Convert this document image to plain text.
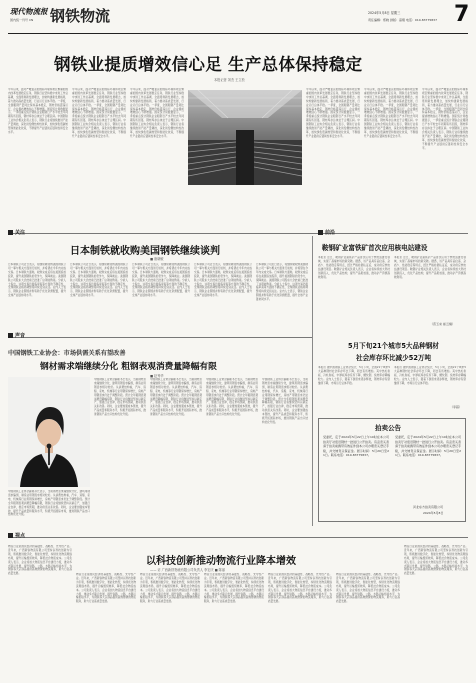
现代物流报
国内统一刊号 CN 钢铁物流	2024年5月8日 星期三
责任编辑：郑晓 排版：高翔 电话：010-83775837 7
钢铁业提质增效信心足 生产总体保持稳定
本报记者 刘杰 王立松
今年以来，面对严峻复杂的国际环境和艰巨繁重的国内改革发展稳定任务，钢铁行业坚持稳中求进工作总基调，全面贯彻新发展理念，加快构建新发展格局，着力推动高质量发展，行业运行总体平稳。一季度，全国粗钢产量同比保持基本稳定，钢材价格震荡运行，企业提质增效信心不断增强。国家统计局数据显示，一季度重点统计钢铁企业粗钢日产水平较去年同期有所回落，钢材库存总体处于合理区间。中国钢铁工业协会相关负责人表示，钢铁行业将继续推进产能产量调控，深化供给侧结构性改革，加快绿色低碳转型和智能化改造，不断提升产业链供应链韧性和安全水平。
今年以来，面对严峻复杂的国际环境和艰巨繁重的国内改革发展稳定任务，钢铁行业坚持稳中求进工作总基调，全面贯彻新发展理念，加快构建新发展格局，着力推动高质量发展，行业运行总体平稳。一季度，全国粗钢产量同比保持基本稳定，钢材价格震荡运行，企业提质增效信心不断增强。国家统计局数据显示，一季度重点统计钢铁企业粗钢日产水平较去年同期有所回落，钢材库存总体处于合理区间。中国钢铁工业协会相关负责人表示，钢铁行业将继续推进产能产量调控，深化供给侧结构性改革，加快绿色低碳转型和智能化改造，不断提升产业链供应链韧性和安全水平。
今年以来，面对严峻复杂的国际环境和艰巨繁重的国内改革发展稳定任务，钢铁行业坚持稳中求进工作总基调，全面贯彻新发展理念，加快构建新发展格局，着力推动高质量发展，行业运行总体平稳。一季度，全国粗钢产量同比保持基本稳定，钢材价格震荡运行，企业提质增效信心不断增强。国家统计局数据显示，一季度重点统计钢铁企业粗钢日产水平较去年同期有所回落，钢材库存总体处于合理区间。中国钢铁工业协会相关负责人表示，钢铁行业将继续推进产能产量调控，深化供给侧结构性改革，加快绿色低碳转型和智能化改造，不断提升产业链供应链韧性和安全水平。
今年以来，面对严峻复杂的国际环境和艰巨繁重的国内改革发展稳定任务，钢铁行业坚持稳中求进工作总基调，全面贯彻新发展理念，加快构建新发展格局，着力推动高质量发展，行业运行总体平稳。一季度，全国粗钢产量同比保持基本稳定，钢材价格震荡运行，企业提质增效信心不断增强。国家统计局数据显示，一季度重点统计钢铁企业粗钢日产水平较去年同期有所回落，钢材库存总体处于合理区间。中国钢铁工业协会相关负责人表示，钢铁行业将继续推进产能产量调控，深化供给侧结构性改革，加快绿色低碳转型和智能化改造，不断提升产业链供应链韧性和安全水平。
今年以来，面对严峻复杂的国际环境和艰巨繁重的国内改革发展稳定任务，钢铁行业坚持稳中求进工作总基调，全面贯彻新发展理念，加快构建新发展格局，着力推动高质量发展，行业运行总体平稳。一季度，全国粗钢产量同比保持基本稳定，钢材价格震荡运行，企业提质增效信心不断增强。国家统计局数据显示，一季度重点统计钢铁企业粗钢日产水平较去年同期有所回落，钢材库存总体处于合理区间。中国钢铁工业协会相关负责人表示，钢铁行业将继续推进产能产量调控，深化供给侧结构性改革，加快绿色低碳转型和智能化改造，不断提升产业链供应链韧性和安全水平。
今年以来，面对严峻复杂的国际环境和艰巨繁重的国内改革发展稳定任务，钢铁行业坚持稳中求进工作总基调，全面贯彻新发展理念，加快构建新发展格局，着力推动高质量发展，行业运行总体平稳。一季度，全国粗钢产量同比保持基本稳定，钢材价格震荡运行，企业提质增效信心不断增强。国家统计局数据显示，一季度重点统计钢铁企业粗钢日产水平较去年同期有所回落，钢材库存总体处于合理区间。中国钢铁工业协会相关负责人表示，钢铁行业将继续推进产能产量调控，深化供给侧结构性改革，加快绿色低碳转型和智能化改造，不断提升产业链供应链韧性和安全水平。
关注	前沿
日本制铁就收购美国钢铁继续谈判
■ 唐晓敏
日本制铁公司近日表示，将继续就收购美国钢铁公司一事与相关方面进行谈判，并希望在今年内完成交易。日本制铁方面称，收购完成后将在美国追加投资，提升美国钢铁的竞争力，保障就业。美国钢铁公司股东大会此前已批准了这项收购案。分析人士指出，这项交易仍面临审查等方面的不确定性，全球钢铁业格局调整将持续受到关注。业内人士表示，钢铁企业跨国并购有助于优化资源配置，提升全球产业链协同水平。
日本制铁公司近日表示，将继续就收购美国钢铁公司一事与相关方面进行谈判，并希望在今年内完成交易。日本制铁方面称，收购完成后将在美国追加投资，提升美国钢铁的竞争力，保障就业。美国钢铁公司股东大会此前已批准了这项收购案。分析人士指出，这项交易仍面临审查等方面的不确定性，全球钢铁业格局调整将持续受到关注。业内人士表示，钢铁企业跨国并购有助于优化资源配置，提升全球产业链协同水平。
日本制铁公司近日表示，将继续就收购美国钢铁公司一事与相关方面进行谈判，并希望在今年内完成交易。日本制铁方面称，收购完成后将在美国追加投资，提升美国钢铁的竞争力，保障就业。美国钢铁公司股东大会此前已批准了这项收购案。分析人士指出，这项交易仍面临审查等方面的不确定性，全球钢铁业格局调整将持续受到关注。业内人士表示，钢铁企业跨国并购有助于优化资源配置，提升全球产业链协同水平。
日本制铁公司近日表示，将继续就收购美国钢铁公司一事与相关方面进行谈判，并希望在今年内完成交易。日本制铁方面称，收购完成后将在美国追加投资，提升美国钢铁的竞争力，保障就业。美国钢铁公司股东大会此前已批准了这项收购案。分析人士指出，这项交易仍面临审查等方面的不确定性，全球钢铁业格局调整将持续受到关注。业内人士表示，钢铁企业跨国并购有助于优化资源配置，提升全球产业链协同水平。
日本制铁公司近日表示，将继续就收购美国钢铁公司一事与相关方面进行谈判，并希望在今年内完成交易。日本制铁方面称，收购完成后将在美国追加投资，提升美国钢铁的竞争力，保障就业。美国钢铁公司股东大会此前已批准了这项收购案。分析人士指出，这项交易仍面临审查等方面的不确定性，全球钢铁业格局调整将持续受到关注。业内人士表示，钢铁企业跨国并购有助于优化资源配置，提升全球产业链协同水平。
鞍钢矿业富铁矿首次应用核电站建设
本报讯 近日，鞍钢矿业富铁矿产品首次应用于核电站建设领域，实现了高端市场的新突破。据悉，该产品具有品位高、杂质少、性能稳定等特点，经过严格检测认证后，成功供应核电站建设项目。鞍钢矿业相关负责人表示，企业将持续加大科技创新投入，优化产品结构，提升产品附加值，推动矿产资源高效利用。
本报讯 近日，鞍钢矿业富铁矿产品首次应用于核电站建设领域，实现了高端市场的新突破。据悉，该产品具有品位高、杂质少、性能稳定等特点，经过严格检测认证后，成功供应核电站建设项目。鞍钢矿业相关负责人表示，企业将持续加大科技创新投入，优化产品结构，提升产品附加值，推动矿产资源高效利用。
（晋玉来 崔云楠）
声音
5月下旬21个城市5大品种钢材
社会库存环比减少52万吨
本报讯 据中国钢铁工业协会统计，5月下旬，全国21个城市5大品种钢材社会库存环比下降，同比有所增加。其中热轧卷板、冷轧卷板、中厚板库存有所下降，螺纹钢、线材库存降幅较大。业内人士表示，随着下游需求逐步释放，钢材库存有望继续下降，市场运行总体平稳。
本报讯 据中国钢铁工业协会统计，5月下旬，全国21个城市5大品种钢材社会库存环比下降，同比有所增加。其中热轧卷板、冷轧卷板、中厚板库存有所下降，螺纹钢、线材库存降幅较大。业内人士表示，随着下游需求逐步释放，钢材库存有望继续下降，市场运行总体平稳。
（李超）
拍卖公告
受委托，定于2024年5月22日上午10时在本公司拍卖厅对废旧钢材一批进行公开拍卖。有意竞买者请于拍卖前携带有效证件到本公司办理竞买登记手续，并交纳竞买保证金。展示时间：5月20日至21日。联系电话：010-83775837。
受委托，定于2024年5月22日上午10时在本公司拍卖厅对废旧钢材一批进行公开拍卖。有意竞买者请于拍卖前携带有效证件到本公司办理竞买登记手续，并交纳竞买保证金。展示时间：5月20日至21日。联系电话：010-83775837。
河北东方拍卖有限公司
2024年5月8日
中国钢铁工业协会：市场供需关系有望改善
钢材需求端继续分化 粗钢表观消费量降幅有限
■ 赵秀华
中国钢铁工业协会副秘书长表示，当前钢材需求端继续分化，建筑用钢需求偏弱，制造业用钢需求相对较好。从消费结构看，汽车、造船、家电、机械等行业用钢保持增长，房地产用钢需求仍处于调整阶段。预计全年粗钢表观消费量降幅有限，钢铁行业将继续坚持以销定产，加强行业自律，稳定市场预期，推动供需关系改善。同时，企业要加强成本管控，提升产品质量和服务水平，积极开拓国际市场，推进钢铁产品出口结构优化升级。
中国钢铁工业协会副秘书长表示，当前钢材需求端继续分化，建筑用钢需求偏弱，制造业用钢需求相对较好。从消费结构看，汽车、造船、家电、机械等行业用钢保持增长，房地产用钢需求仍处于调整阶段。预计全年粗钢表观消费量降幅有限，钢铁行业将继续坚持以销定产，加强行业自律，稳定市场预期，推动供需关系改善。同时，企业要加强成本管控，提升产品质量和服务水平，积极开拓国际市场，推进钢铁产品出口结构优化升级。
中国钢铁工业协会副秘书长表示，当前钢材需求端继续分化，建筑用钢需求偏弱，制造业用钢需求相对较好。从消费结构看，汽车、造船、家电、机械等行业用钢保持增长，房地产用钢需求仍处于调整阶段。预计全年粗钢表观消费量降幅有限，钢铁行业将继续坚持以销定产，加强行业自律，稳定市场预期，推动供需关系改善。同时，企业要加强成本管控，提升产品质量和服务水平，积极开拓国际市场，推进钢铁产品出口结构优化升级。
中国钢铁工业协会副秘书长表示，当前钢材需求端继续分化，建筑用钢需求偏弱，制造业用钢需求相对较好。从消费结构看，汽车、造船、家电、机械等行业用钢保持增长，房地产用钢需求仍处于调整阶段。预计全年粗钢表观消费量降幅有限，钢铁行业将继续坚持以销定产，加强行业自律，稳定市场预期，推动供需关系改善。同时，企业要加强成本管控，提升产品质量和服务水平，积极开拓国际市场，推进钢铁产品出口结构优化升级。
中国钢铁工业协会副秘书长表示，当前钢材需求端继续分化，建筑用钢需求偏弱，制造业用钢需求相对较好。从消费结构看，汽车、造船、家电、机械等行业用钢保持增长，房地产用钢需求仍处于调整阶段。预计全年粗钢表观消费量降幅有限，钢铁行业将继续坚持以销定产，加强行业自律，稳定市场预期，推动供需关系改善。同时，企业要加强成本管控，提升产品质量和服务水平，积极开拓国际市场，推进钢铁产品出口结构优化升级。
视点
以科技创新推动物流行业降本增效
—— 访 广西新铁物流有限公司负责人 李宏庆 ■ 陈丽
物流行业是国民经济的基础性、战略性、先导性产业。近年来，广西新铁物流有限公司坚持以科技创新为引领，积极推进数字化、智能化转型，持续优化物流网络布局，提升运输组织效率，降低社会物流成本。公司负责人表示，企业将加大物流信息平台建设力度，推动多式联运发展，提升铁路、公路、水路运输衔接水平，为钢铁等大宗商品提供高效便捷的物流服务，助力行业高质量发展。	物流行业是国民经济的基础性、战略性、先导性产业。近年来，广西新铁物流有限公司坚持以科技创新为引领，积极推进数字化、智能化转型，持续优化物流网络布局，提升运输组织效率，降低社会物流成本。公司负责人表示，企业将加大物流信息平台建设力度，推动多式联运发展，提升铁路、公路、水路运输衔接水平，为钢铁等大宗商品提供高效便捷的物流服务，助力行业高质量发展。
物流行业是国民经济的基础性、战略性、先导性产业。近年来，广西新铁物流有限公司坚持以科技创新为引领，积极推进数字化、智能化转型，持续优化物流网络布局，提升运输组织效率，降低社会物流成本。公司负责人表示，企业将加大物流信息平台建设力度，推动多式联运发展，提升铁路、公路、水路运输衔接水平，为钢铁等大宗商品提供高效便捷的物流服务，助力行业高质量发展。
物流行业是国民经济的基础性、战略性、先导性产业。近年来，广西新铁物流有限公司坚持以科技创新为引领，积极推进数字化、智能化转型，持续优化物流网络布局，提升运输组织效率，降低社会物流成本。公司负责人表示，企业将加大物流信息平台建设力度，推动多式联运发展，提升铁路、公路、水路运输衔接水平，为钢铁等大宗商品提供高效便捷的物流服务，助力行业高质量发展。
物流行业是国民经济的基础性、战略性、先导性产业。近年来，广西新铁物流有限公司坚持以科技创新为引领，积极推进数字化、智能化转型，持续优化物流网络布局，提升运输组织效率，降低社会物流成本。公司负责人表示，企业将加大物流信息平台建设力度，推动多式联运发展，提升铁路、公路、水路运输衔接水平，为钢铁等大宗商品提供高效便捷的物流服务，助力行业高质量发展。
物流行业是国民经济的基础性、战略性、先导性产业。近年来，广西新铁物流有限公司坚持以科技创新为引领，积极推进数字化、智能化转型，持续优化物流网络布局，提升运输组织效率，降低社会物流成本。公司负责人表示，企业将加大物流信息平台建设力度，推动多式联运发展，提升铁路、公路、水路运输衔接水平，为钢铁等大宗商品提供高效便捷的物流服务，助力行业高质量发展。
物流行业是国民经济的基础性、战略性、先导性产业。近年来，广西新铁物流有限公司坚持以科技创新为引领，积极推进数字化、智能化转型，持续优化物流网络布局，提升运输组织效率，降低社会物流成本。公司负责人表示，企业将加大物流信息平台建设力度，推动多式联运发展，提升铁路、公路、水路运输衔接水平，为钢铁等大宗商品提供高效便捷的物流服务，助力行业高质量发展。
